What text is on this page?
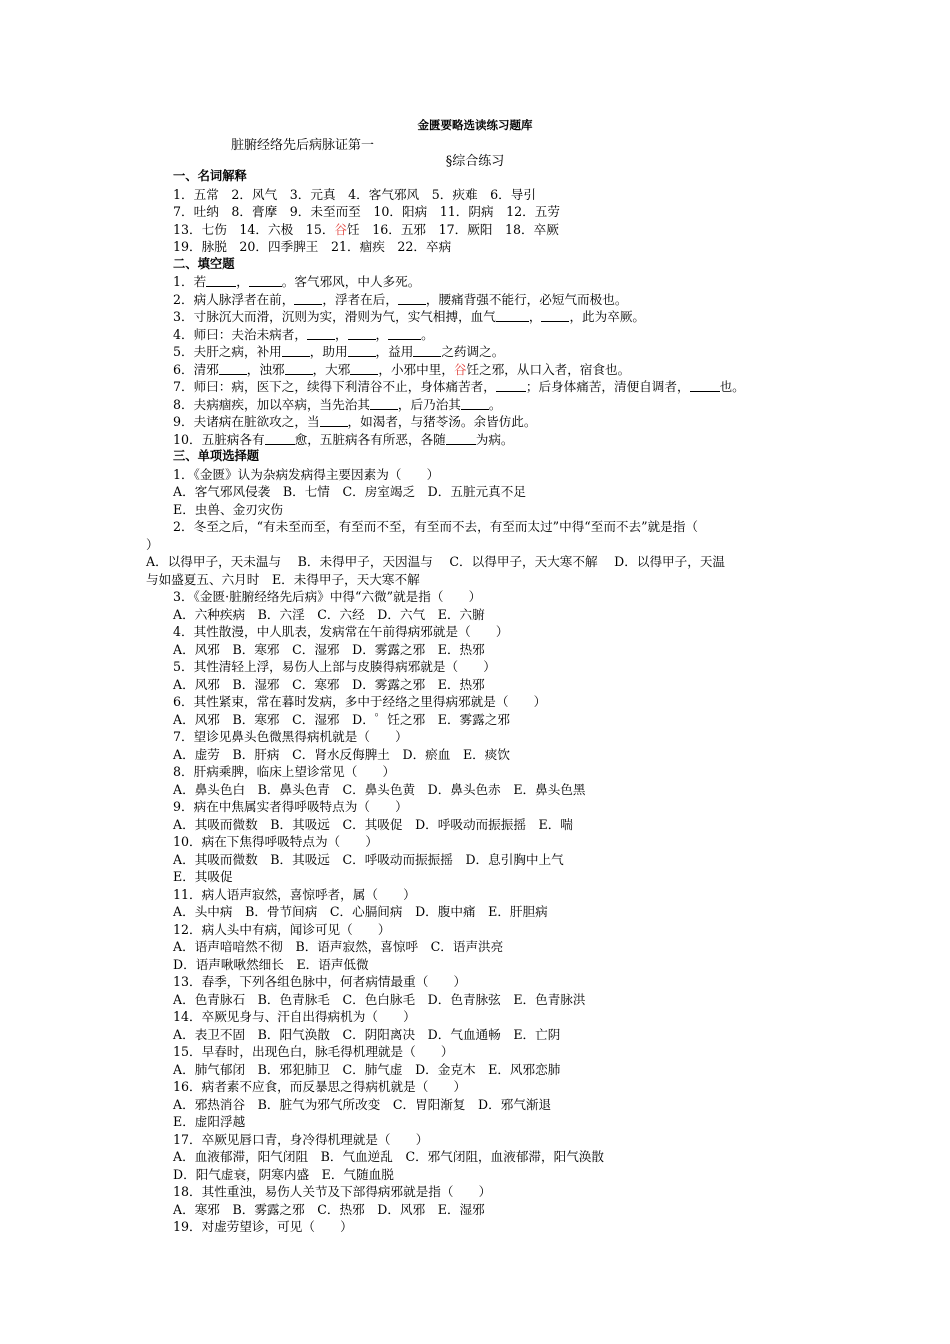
金匮要略选读练习题库
脏腑经络先后病脉证第一
§综合练习
一、名词解释
1．五常　2．风气　3．元真　4．客气邪风　5．疢难　6．导引
7．吐纳　8．膏摩　9．未至而至　10．阳病　11．阴病　12．五劳
13．七伤　14．六极　15．谷饪　16．五邪　17．厥阳　18．卒厥
19．脉脱　20．四季脾王　21．痼疾　22．卒病
二、填空题
1．若 ，	。客气邪风，中人多死。
2．病人脉浮者在前， ，浮者在后， ，腰痛背强不能行，必短气而极也。
3．寸脉沉大而滑，沉则为实，滑则为气，实气相搏，血气	， ，此为卒厥。
4．师曰：夫治未病者， ， ，	。
5．夫肝之病，补用 ，助用 ，益用 之药调之。
6．清邪 ，浊邪 ，大邪 ，小邪中里，谷饪之邪，从口入者，宿食也。
7．师曰：病，医下之，续得下利清谷不止，身体痛苦者， ；后身体痛苦，清便自调者， 也。
8．夫病痼疾，加以卒病，当先治其 ，后乃治其 。
9．夫诸病在脏欲攻之，当 ，如渴者，与猪苓汤。余皆仿此。
10．五脏病各有 愈，五脏病各有所恶，各随 为病。
三、单项选择题
1．《金匮》认为杂病发病得主要因素为（　　）
A．客气邪风侵袭　B．七情　C．房室竭乏　D．五脏元真不足
E．虫兽、金刃灾伤
2．冬至之后，“有未至而至，有至而不至，有至而不去，有至而太过”中得“至而不去”就是指（
）
A．以得甲子，天未温与　 B．未得甲子，天因温与　 C．以得甲子，天大寒不解　 D．以得甲子，天温
与如盛夏五、六月时　E．未得甲子，天大寒不解
3．《金匮·脏腑经络先后病》中得“六微”就是指（　　）
A．六种疾病　B．六淫　C．六经　D．六气　E．六腑
4．其性散漫，中人肌表，发病常在午前得病邪就是（　　）
A．风邪　B．寒邪　C．湿邪　D．雾露之邪　E．热邪
5．其性清轻上浮，易伤人上部与皮腠得病邪就是（　　）
A．风邪　B．湿邪　C．寒邪　D．雾露之邪　E．热邪
6．其性紧束，常在暮时发病，多中于经络之里得病邪就是（　　）
A．风邪　B．寒邪　C．湿邪　D．゜饪之邪　E．雾露之邪
7．望诊见鼻头色微黑得病机就是（　　）
A．虚劳　B．肝病　C．肾水反侮脾土　D．瘀血　E．痰饮
8．肝病乘脾，临床上望诊常见（　　）
A．鼻头色白　B．鼻头色青　C．鼻头色黄　D．鼻头色赤　E．鼻头色黑
9．病在中焦属实者得呼吸特点为（　　）
A．其吸而微数　B．其吸远　C．其吸促　D．呼吸动而振振摇　E．喘
10．病在下焦得呼吸特点为（　　）
A．其吸而微数　B．其吸远　C．呼吸动而振振摇　D．息引胸中上气
E．其吸促
11．病人语声寂然，喜惊呼者，属（　　）
A．头中病　B．骨节间病　C．心膈间病　D．腹中痛　E．肝胆病
12．病人头中有病，闻诊可见（　　）
A．语声喑喑然不彻　B．语声寂然，喜惊呼　C．语声洪亮
D．语声啾啾然细长　E．语声低微
13．春季，下列各组色脉中，何者病情最重（　　）
A．色青脉石　B．色青脉毛　C．色白脉毛　D．色青脉弦　E．色青脉洪
14．卒厥见身与、汗自出得病机为（　　）
A．表卫不固　B．阳气涣散　C．阴阳离决　D．气血通畅　E．亡阴
15．早春时，出现色白，脉毛得机理就是（　　）
A．肺气郁闭　B．邪犯肺卫　C．肺气虚　D．金克木　E．风邪恋肺
16．病者素不应食，而反暴思之得病机就是（　　）
A．邪热消谷　B．脏气为邪气所改变　C．胃阳渐复　D．邪气渐退
E．虚阳浮越
17．卒厥见唇口青，身冷得机理就是（　　）
A．血液郁滞，阳气闭阻　B．气血逆乱　C．邪气闭阻，血液郁滞，阳气涣散
D．阳气虚衰，阴寒内盛　E．气随血脱
18．其性重浊，易伤人关节及下部得病邪就是指（　　）
A．寒邪　B．雾露之邪　C．热邪　D．风邪　E．湿邪
19．对虚劳望诊，可见（　　）
